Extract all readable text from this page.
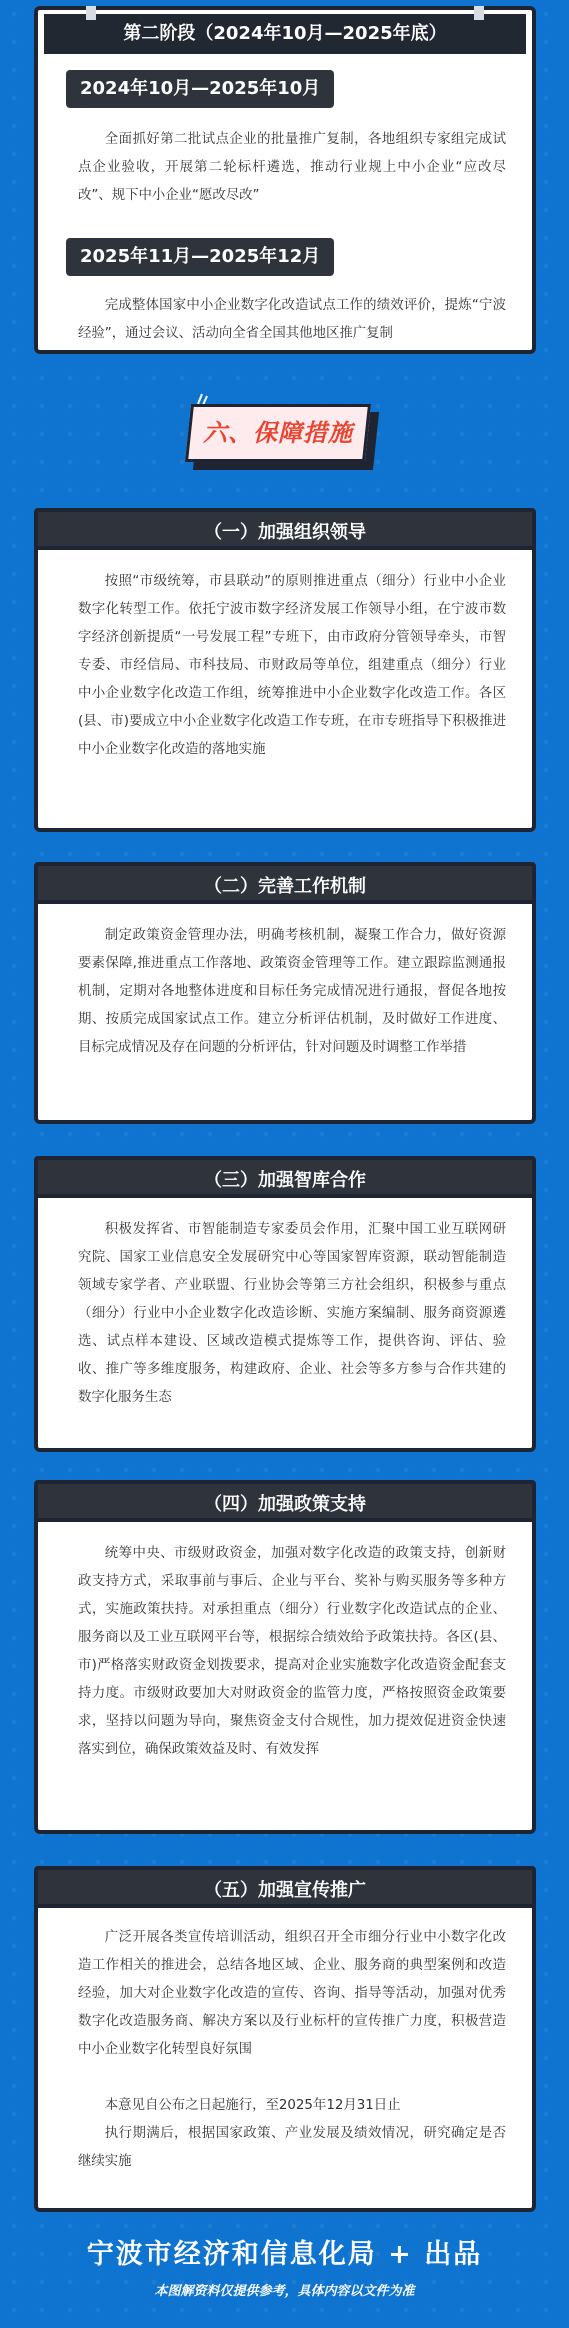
第二阶段（2024年10月—2025年底）
2024年10月—2025年10月

全面抓好第二批试点企业的批量推广复制，各地组织专家组完成试点企业验收，开展第二轮标杆遴选，推动行业规上中小企业“应改尽改”、规下中小企业“愿改尽改”

2025年11月—2025年12月

完成整体国家中小企业数字化改造试点工作的绩效评价，提炼“宁波经验”，通过会议、活动向全省全国其他地区推广复制

六、保障措施
（一）加强组织领导

按照“市级统筹，市县联动”的原则推进重点（细分）行业中小企业数字化转型工作。依托宁波市数字经济发展工作领导小组，在宁波市数字经济创新提质“一号发展工程”专班下，由市政府分管领导牵头，市智专委、市经信局、市科技局、市财政局等单位，组建重点（细分）行业中小企业数字化改造工作组，统筹推进中小企业数字化改造工作。各区(县、市)要成立中小企业数字化改造工作专班，在市专班指导下积极推进中小企业数字化改造的落地实施

（二）完善工作机制

制定政策资金管理办法，明确考核机制，凝聚工作合力，做好资源要素保障,推进重点工作落地、政策资金管理等工作。建立跟踪监测通报机制，定期对各地整体进度和目标任务完成情况进行通报，督促各地按期、按质完成国家试点工作。建立分析评估机制，及时做好工作进度、目标完成情况及存在问题的分析评估，针对问题及时调整工作举措

（三）加强智库合作

积极发挥省、市智能制造专家委员会作用，汇聚中国工业互联网研究院、国家工业信息安全发展研究中心等国家智库资源，联动智能制造领域专家学者、产业联盟、行业协会等第三方社会组织，积极参与重点（细分）行业中小企业数字化改造诊断、实施方案编制、服务商资源遴选、试点样本建设、区域改造模式提炼等工作，提供咨询、评估、验收、推广等多维度服务，构建政府、企业、社会等多方参与合作共建的数字化服务生态

（四）加强政策支持

统筹中央、市级财政资金，加强对数字化改造的政策支持，创新财政支持方式，采取事前与事后、企业与平台、奖补与购买服务等多种方式，实施政策扶持。对承担重点（细分）行业数字化改造试点的企业、服务商以及工业互联网平台等，根据综合绩效给予政策扶持。各区(县、市)严格落实财政资金划拨要求，提高对企业实施数字化改造资金配套支持力度。市级财政要加大对财政资金的监管力度，严格按照资金政策要求，坚持以问题为导向，聚焦资金支付合规性，加力提效促进资金快速落实到位，确保政策效益及时、有效发挥

（五）加强宣传推广

广泛开展各类宣传培训活动，组织召开全市细分行业中小数字化改造工作相关的推进会，总结各地区域、企业、服务商的典型案例和改造经验，加大对企业数字化改造的宣传、咨询、指导等活动，加强对优秀数字化改造服务商、解决方案以及行业标杆的宣传推广力度，积极营造中小企业数字化转型良好氛围

本意见自公布之日起施行，至2025年12月31日止

执行期满后，根据国家政策、产业发展及绩效情况，研究确定是否继续实施

宁波市经济和信息化局 + 出品
本图解资料仅提供参考，具体内容以文件为准
